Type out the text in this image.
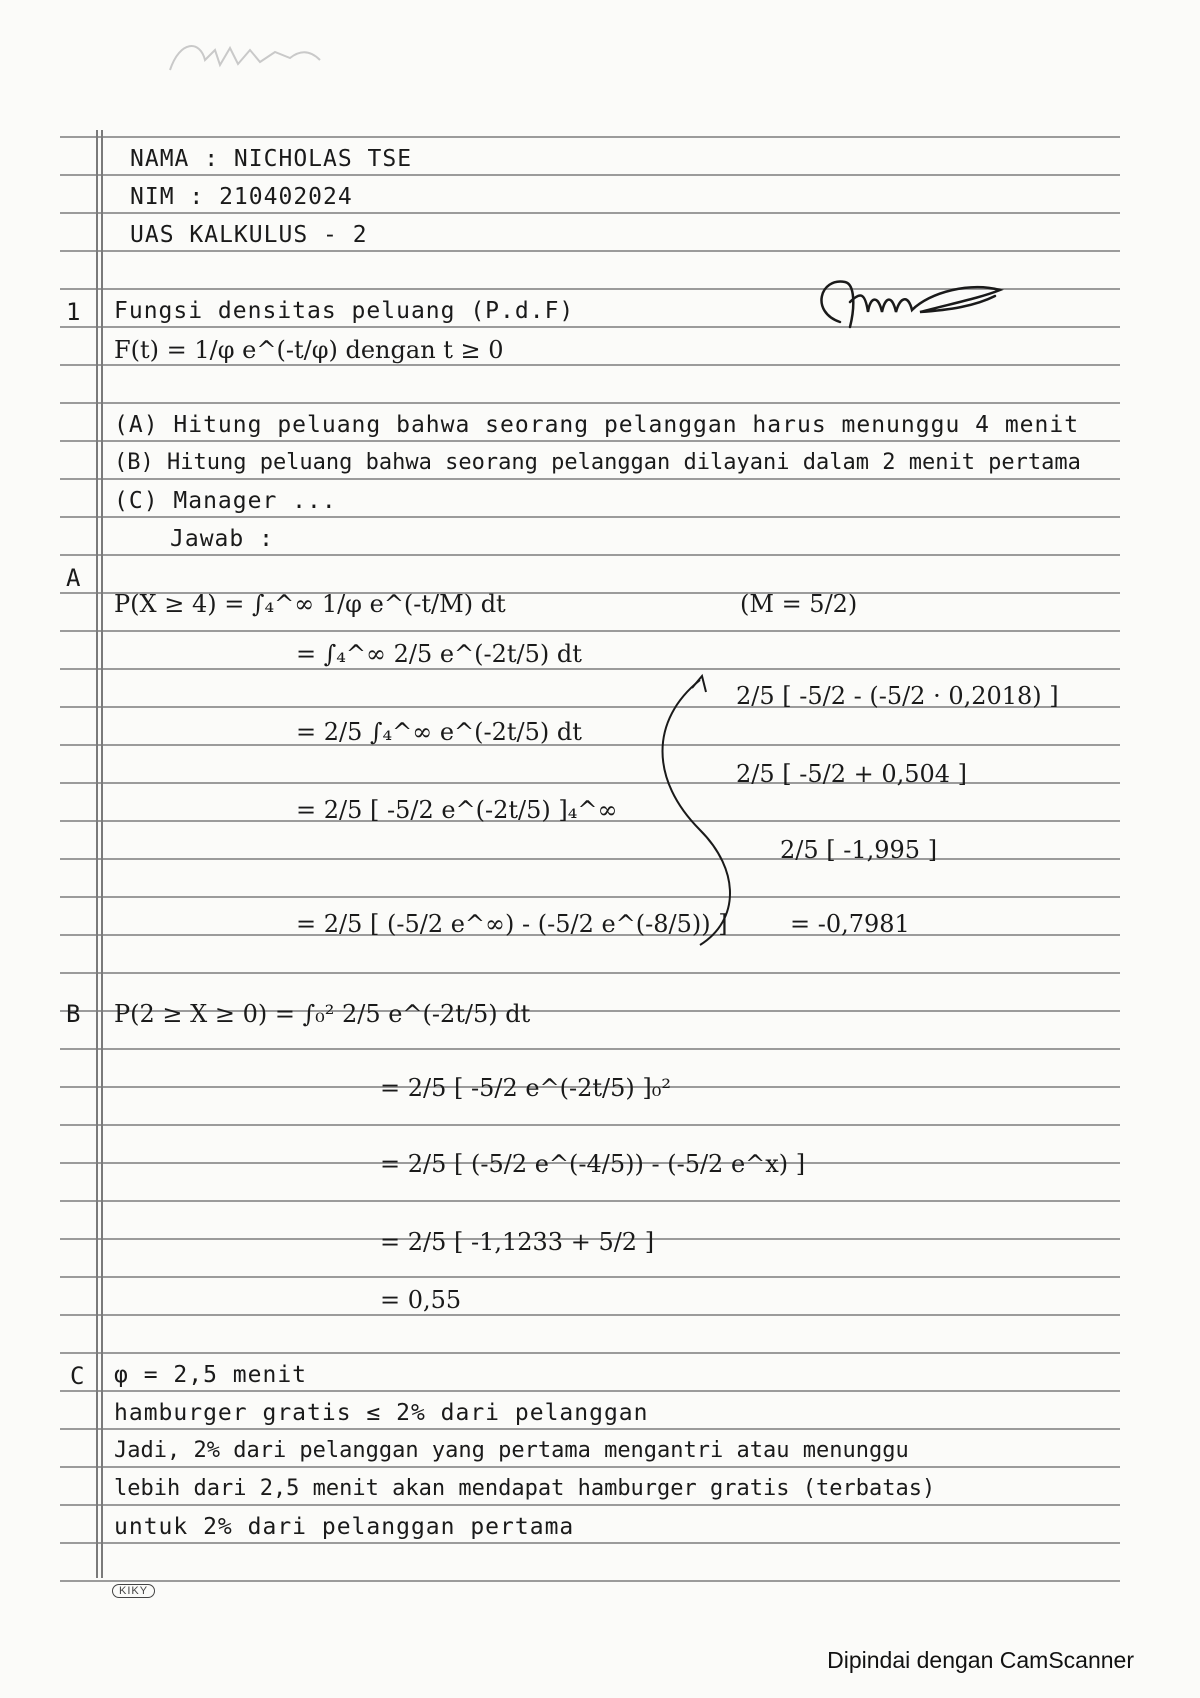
NAMA : NICHOLAS TSE
NIM : 210402024
UAS KALKULUS - 2
1 Fungsi densitas peluang (P.d.F)
F(t) = 1/φ e^(-t/φ) dengan t ≥ 0
(A) Hitung peluang bahwa seorang pelanggan harus menunggu 4 menit
(B) Hitung peluang bahwa seorang pelanggan dilayani dalam 2 menit pertama
(C) Manager ...
Jawab :
A
P(X ≥ 4) = ∫₄^∞ 1/φ e^(-t/M) dt	(M = 5/2)
= ∫₄^∞ 2/5 e^(-2t/5) dt
= 2/5 ∫₄^∞ e^(-2t/5) dt
= 2/5 [ -5/2 e^(-2t/5) ]₄^∞
= 2/5 [ (-5/2 e^∞) - (-5/2 e^(-8/5)) ]
2/5 [ -5/2 - (-5/2 · 0,2018) ]
2/5 [ -5/2 + 0,504 ]
2/5 [ -1,995 ]
= -0,7981
B P(2 ≥ X ≥ 0) = ∫₀² 2/5 e^(-2t/5) dt
= 2/5 [ -5/2 e^(-2t/5) ]₀²
= 2/5 [ (-5/2 e^(-4/5)) - (-5/2 e^x) ]
= 2/5 [ -1,1233 + 5/2 ]
= 0,55
C φ = 2,5 menit
hamburger gratis ≤ 2% dari pelanggan
Jadi, 2% dari pelanggan yang pertama mengantri atau menunggu
lebih dari 2,5 menit akan mendapat hamburger gratis (terbatas)
untuk 2% dari pelanggan pertama
KIKY
Dipindai dengan CamScanner
